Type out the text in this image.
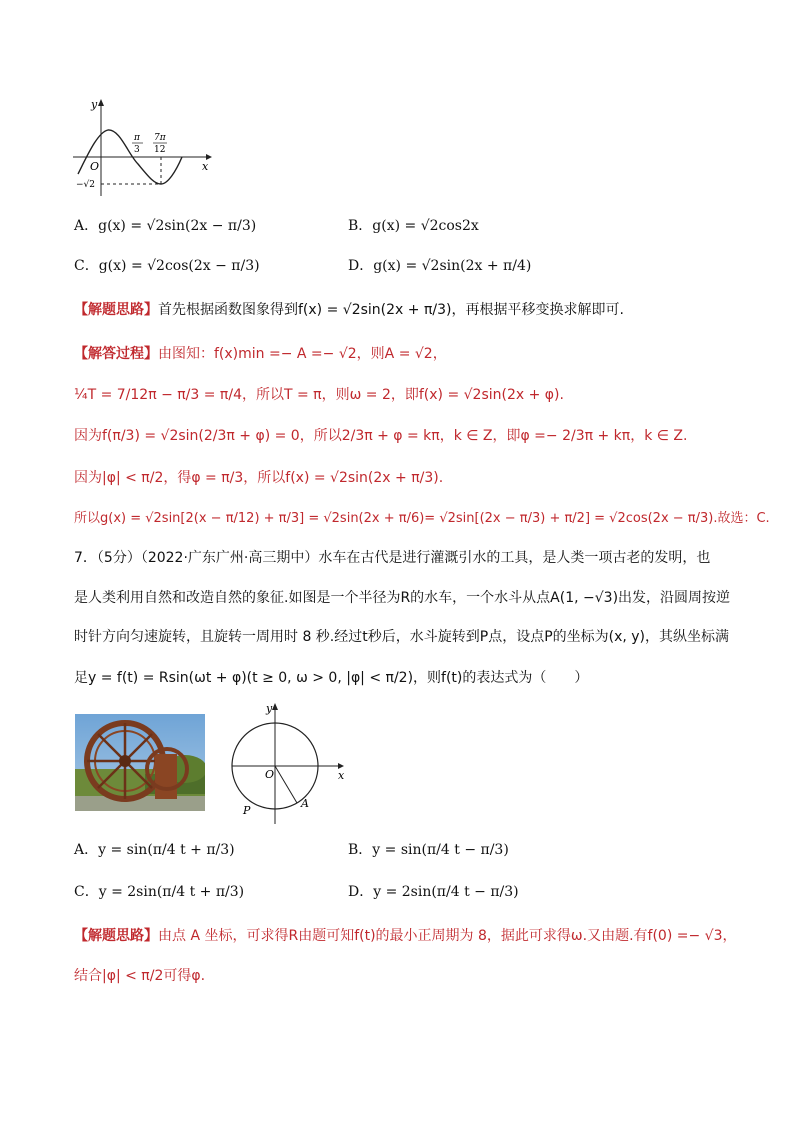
y
x
O
π
3
7π
12
−√2
A．g(x) = √2sin(2x − π/3)	B．g(x) = √2cos2x
C．g(x) = √2cos(2x − π/3)	D．g(x) = √2sin(2x + π/4)
【解题思路】首先根据函数图象得到f(x) = √2sin(2x + π/3)，再根据平移变换求解即可.
【解答过程】由图知：f(x)min =− A =− √2，则A = √2，
¼T = 7/12π − π/3 = π/4，所以T = π，则ω = 2，即f(x) = √2sin(2x + φ).
因为f(π/3) = √2sin(2/3π + φ) = 0，所以2/3π + φ = kπ，k ∈ Z，即φ =− 2/3π + kπ，k ∈ Z.
因为|φ| < π/2，得φ = π/3，所以f(x) = √2sin(2x + π/3).
所以g(x) = √2sin[2(x − π/12) + π/3] = √2sin(2x + π/6)= √2sin[(2x − π/3) + π/2] = √2cos(2x − π/3).故选：C.
7．（5分）（2022·广东广州·高三期中）水车在古代是进行灌溉引水的工具，是人类一项古老的发明，也
是人类利用自然和改造自然的象征.如图是一个半径为R的水车，一个水斗从点A(1, −√3)出发，沿圆周按逆
时针方向匀速旋转，且旋转一周用时 8 秒.经过t秒后，水斗旋转到P点，设点P的坐标为(x, y)，其纵坐标满
足y = f(t) = Rsin(ωt + φ)(t ≥ 0, ω > 0, |φ| < π/2)，则f(t)的表达式为（　　）
y
x
O
P
A
A．y = sin(π/4 t + π/3)	B．y = sin(π/4 t − π/3)
C．y = 2sin(π/4 t + π/3)	D．y = 2sin(π/4 t − π/3)
【解题思路】由点 A 坐标，可求得R由题可知f(t)的最小正周期为 8，据此可求得ω.又由题.有f(0) =− √3，
结合|φ| < π/2可得φ.
